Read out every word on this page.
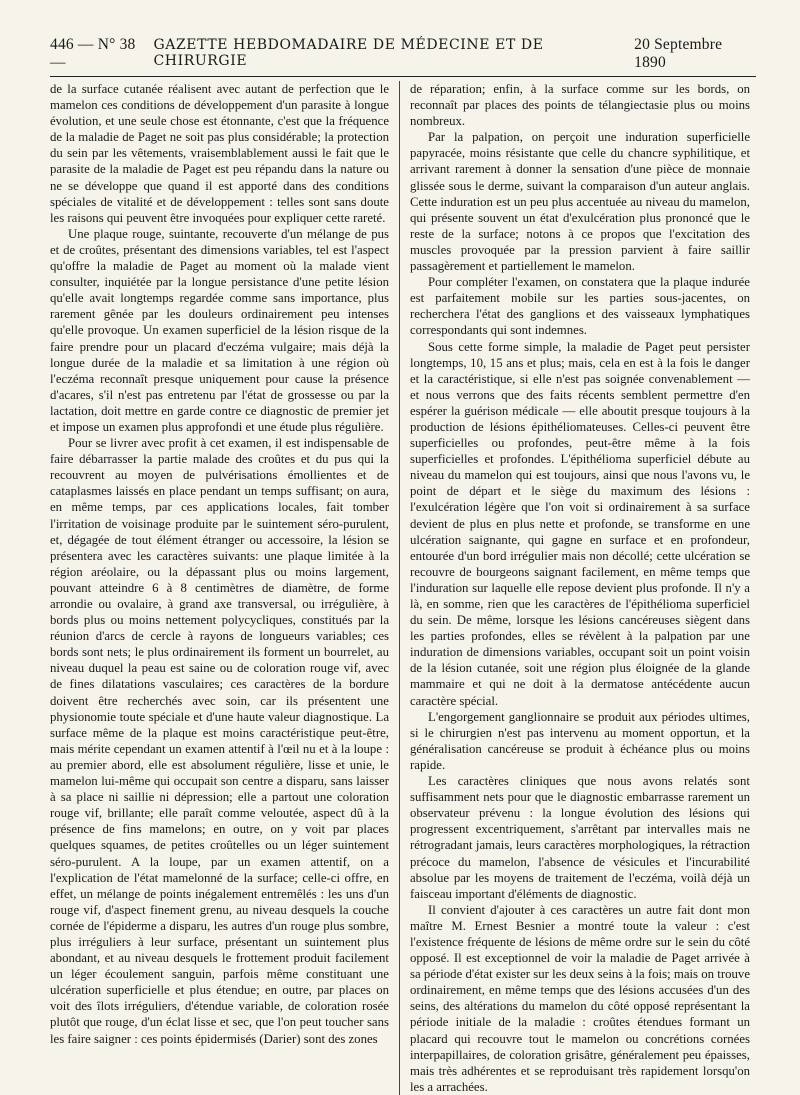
446 — N° 38 —
GAZETTE HEBDOMADAIRE DE MÉDECINE ET DE CHIRURGIE
20 Septembre 1890

de la surface cutanée réalisent avec autant de perfection que le mamelon ces conditions de développement d'un parasite à longue évolution, et une seule chose est étonnante, c'est que la fréquence de la maladie de Paget ne soit pas plus considérable; la protection du sein par les vêtements, vraisemblablement aussi le fait que le parasite de la maladie de Paget est peu répandu dans la nature ou ne se développe que quand il est apporté dans des conditions spéciales de vitalité et de développement : telles sont sans doute les raisons qui peuvent être invoquées pour expliquer cette rareté.

Une plaque rouge, suintante, recouverte d'un mélange de pus et de croûtes, présentant des dimensions variables, tel est l'aspect qu'offre la maladie de Paget au moment où la malade vient consulter, inquiétée par la longue persistance d'une petite lésion qu'elle avait longtemps regardée comme sans importance, plus rarement gênée par les douleurs ordinairement peu intenses qu'elle provoque. Un examen superficiel de la lésion risque de la faire prendre pour un placard d'eczéma vulgaire; mais déjà la longue durée de la maladie et sa limitation à une région où l'eczéma reconnaît presque uniquement pour cause la présence d'acares, s'il n'est pas entretenu par l'état de grossesse ou par la lactation, doit mettre en garde contre ce diagnostic de premier jet et impose un examen plus approfondi et une étude plus régulière.

Pour se livrer avec profit à cet examen, il est indispensable de faire débarrasser la partie malade des croûtes et du pus qui la recouvrent au moyen de pulvérisations émollientes et de cataplasmes laissés en place pendant un temps suffisant; on aura, en même temps, par ces applications locales, fait tomber l'irritation de voisinage produite par le suintement séro-purulent, et, dégagée de tout élément étranger ou accessoire, la lésion se présentera avec les caractères suivants: une plaque limitée à la région aréolaire, ou la dépassant plus ou moins largement, pouvant atteindre 6 à 8 centimètres de diamètre, de forme arrondie ou ovalaire, à grand axe transversal, ou irrégulière, à bords plus ou moins nettement polycycliques, constitués par la réunion d'arcs de cercle à rayons de longueurs variables; ces bords sont nets; le plus ordinairement ils forment un bourrelet, au niveau duquel la peau est saine ou de coloration rouge vif, avec de fines dilatations vasculaires; ces caractères de la bordure doivent être recherchés avec soin, car ils présentent une physionomie toute spéciale et d'une haute valeur diagnostique. La surface même de la plaque est moins caractéristique peut-être, mais mérite cependant un examen attentif à l'œil nu et à la loupe : au premier abord, elle est absolument régulière, lisse et unie, le mamelon lui-même qui occupait son centre a disparu, sans laisser à sa place ni saillie ni dépression; elle a partout une coloration rouge vif, brillante; elle paraît comme veloutée, aspect dû à la présence de fins mamelons; en outre, on y voit par places quelques squames, de petites croûtelles ou un léger suintement séro-purulent. A la loupe, par un examen attentif, on a l'explication de l'état mamelonné de la surface; celle-ci offre, en effet, un mélange de points inégalement entremêlés : les uns d'un rouge vif, d'aspect finement grenu, au niveau desquels la couche cornée de l'épiderme a disparu, les autres d'un rouge plus sombre, plus irréguliers à leur surface, présentant un suintement plus abondant, et au niveau desquels le frottement produit facilement un léger écoulement sanguin, parfois même constituant une ulcération superficielle et plus étendue; en outre, par places on voit des îlots irréguliers, d'étendue variable, de coloration rosée plutôt que rouge, d'un éclat lisse et sec, que l'on peut toucher sans les faire saigner : ces points épidermisés (Darier) sont des zones

de réparation; enfin, à la surface comme sur les bords, on reconnaît par places des points de télangiectasie plus ou moins nombreux.

Par la palpation, on perçoit une induration superficielle papyracée, moins résistante que celle du chancre syphilitique, et arrivant rarement à donner la sensation d'une pièce de monnaie glissée sous le derme, suivant la comparaison d'un auteur anglais. Cette induration est un peu plus accentuée au niveau du mamelon, qui présente souvent un état d'exulcération plus prononcé que le reste de la surface; notons à ce propos que l'excitation des muscles provoquée par la pression parvient à faire saillir passagèrement et partiellement le mamelon.

Pour compléter l'examen, on constatera que la plaque indurée est parfaitement mobile sur les parties sous-jacentes, on recherchera l'état des ganglions et des vaisseaux lymphatiques correspondants qui sont indemnes.

Sous cette forme simple, la maladie de Paget peut persister longtemps, 10, 15 ans et plus; mais, cela en est à la fois le danger et la caractéristique, si elle n'est pas soignée convenablement — et nous verrons que des faits récents semblent permettre d'en espérer la guérison médicale — elle aboutit presque toujours à la production de lésions épithéliomateuses. Celles-ci peuvent être superficielles ou profondes, peut-être même à la fois superficielles et profondes. L'épithélioma superficiel débute au niveau du mamelon qui est toujours, ainsi que nous l'avons vu, le point de départ et le siège du maximum des lésions : l'exulcération légère que l'on voit si ordinairement à sa surface devient de plus en plus nette et profonde, se transforme en une ulcération saignante, qui gagne en surface et en profondeur, entourée d'un bord irrégulier mais non décollé; cette ulcération se recouvre de bourgeons saignant facilement, en même temps que l'induration sur laquelle elle repose devient plus profonde. Il n'y a là, en somme, rien que les caractères de l'épithélioma superficiel du sein. De même, lorsque les lésions cancéreuses siègent dans les parties profondes, elles se révèlent à la palpation par une induration de dimensions variables, occupant soit un point voisin de la lésion cutanée, soit une région plus éloignée de la glande mammaire et qui ne doit à la dermatose antécédente aucun caractère spécial.

L'engorgement ganglionnaire se produit aux périodes ultimes, si le chirurgien n'est pas intervenu au moment opportun, et la généralisation cancéreuse se produit à échéance plus ou moins rapide.

Les caractères cliniques que nous avons relatés sont suffisamment nets pour que le diagnostic embarrasse rarement un observateur prévenu : la longue évolution des lésions qui progressent excentriquement, s'arrêtant par intervalles mais ne rétrogradant jamais, leurs caractères morphologiques, la rétraction précoce du mamelon, l'absence de vésicules et l'incurabilité absolue par les moyens de traitement de l'eczéma, voilà déjà un faisceau important d'éléments de diagnostic.

Il convient d'ajouter à ces caractères un autre fait dont mon maître M. Ernest Besnier a montré toute la valeur : c'est l'existence fréquente de lésions de même ordre sur le sein du côté opposé. Il est exceptionnel de voir la maladie de Paget arrivée à sa période d'état exister sur les deux seins à la fois; mais on trouve ordinairement, en même temps que des lésions accusées d'un des seins, des altérations du mamelon du côté opposé représentant la période initiale de la maladie : croûtes étendues formant un placard qui recouvre tout le mamelon ou concrétions cornées interpapillaires, de coloration grisâtre, généralement peu épaisses, mais très adhérentes et se reproduisant très rapidement lorsqu'on les a arrachées.
